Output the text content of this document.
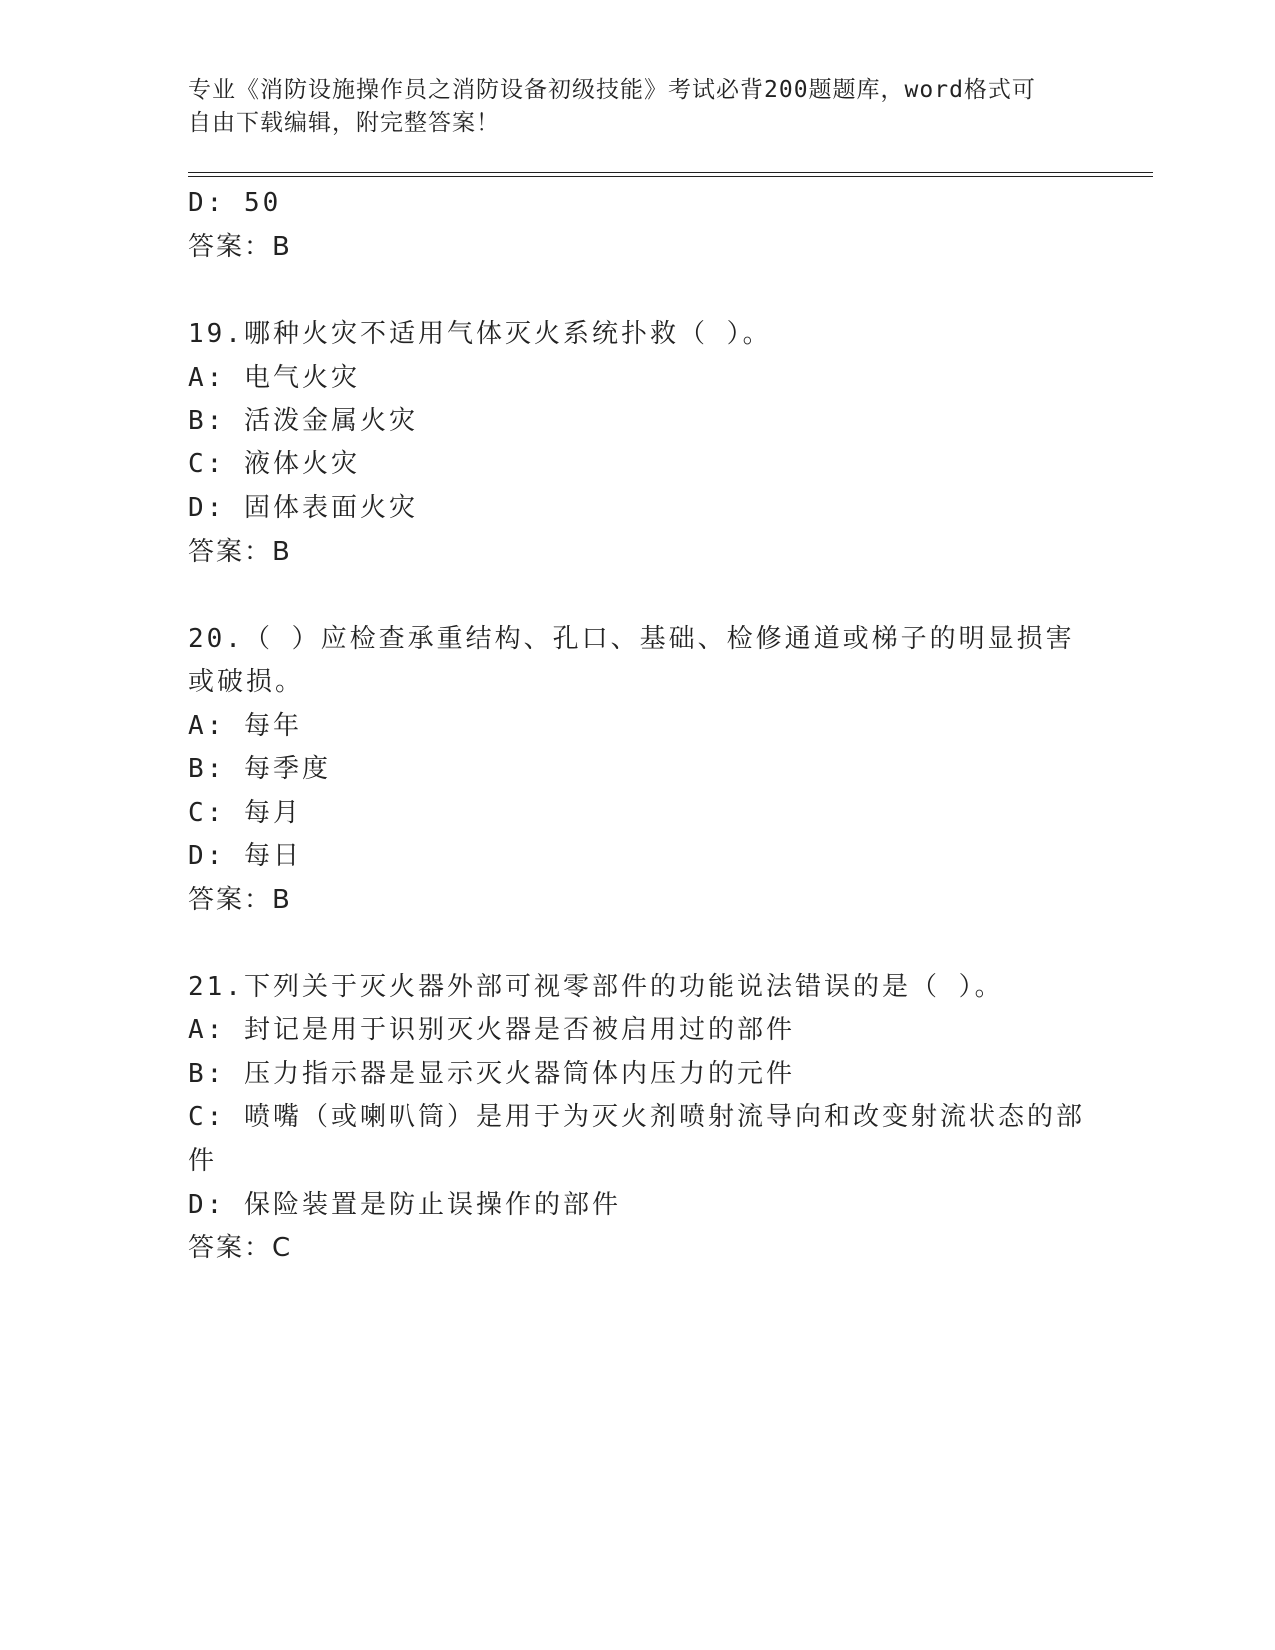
专业《消防设施操作员之消防设备初级技能》考试必背200题题库，word格式可
自由下载编辑，附完整答案！
D: 50
答案：B
19.哪种火灾不适用气体灭火系统扑救（ ）。
A: 电气火灾
B: 活泼金属火灾
C: 液体火灾
D: 固体表面火灾
答案：B
20.（ ）应检查承重结构、孔口、基础、检修通道或梯子的明显损害
或破损。
A: 每年
B: 每季度
C: 每月
D: 每日
答案：B
21.下列关于灭火器外部可视零部件的功能说法错误的是（ ）。
A: 封记是用于识别灭火器是否被启用过的部件
B: 压力指示器是显示灭火器筒体内压力的元件
C: 喷嘴（或喇叭筒）是用于为灭火剂喷射流导向和改变射流状态的部
件
D: 保险装置是防止误操作的部件
答案：C
